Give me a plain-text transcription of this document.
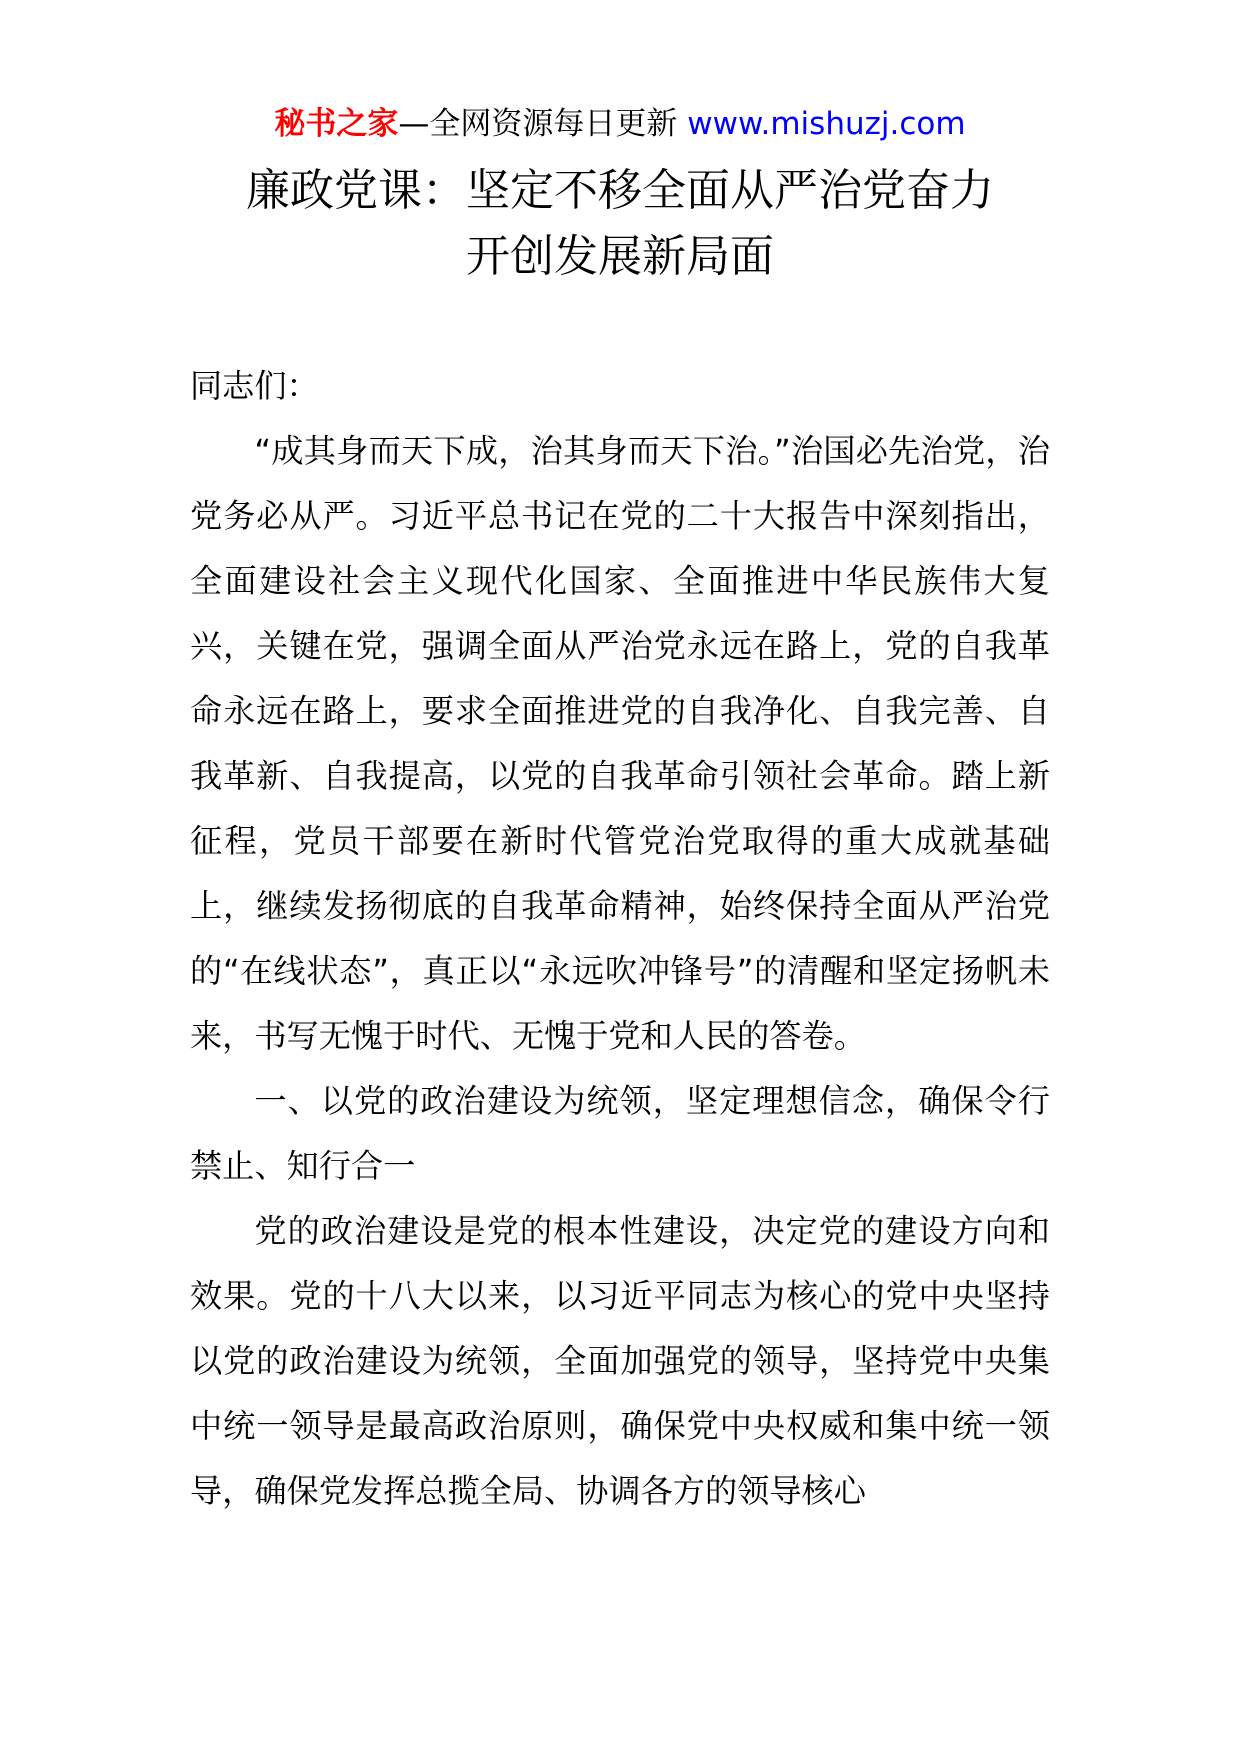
秘书之家—全网资源每日更新 www.mishuzj.com
廉政党课：坚定不移全面从严治党奋力
开创发展新局面

同志们：

“成其身而天下成，治其身而天下治。”治国必先治党，治党务必从严。习近平总书记在党的二十大报告中深刻指出，全面建设社会主义现代化国家、全面推进中华民族伟大复兴，关键在党，强调全面从严治党永远在路上，党的自我革命永远在路上，要求全面推进党的自我净化、自我完善、自我革新、自我提高，以党的自我革命引领社会革命。踏上新征程，党员干部要在新时代管党治党取得的重大成就基础上，继续发扬彻底的自我革命精神，始终保持全面从严治党的“在线状态”，真正以“永远吹冲锋号”的清醒和坚定扬帆未来，书写无愧于时代、无愧于党和人民的答卷。

一、以党的政治建设为统领，坚定理想信念，确保令行禁止、知行合一

党的政治建设是党的根本性建设，决定党的建设方向和效果。党的十八大以来，以习近平同志为核心的党中央坚持以党的政治建设为统领，全面加强党的领导，坚持党中央集中统一领导是最高政治原则，确保党中央权威和集中统一领导，确保党发挥总揽全局、协调各方的领导核心
